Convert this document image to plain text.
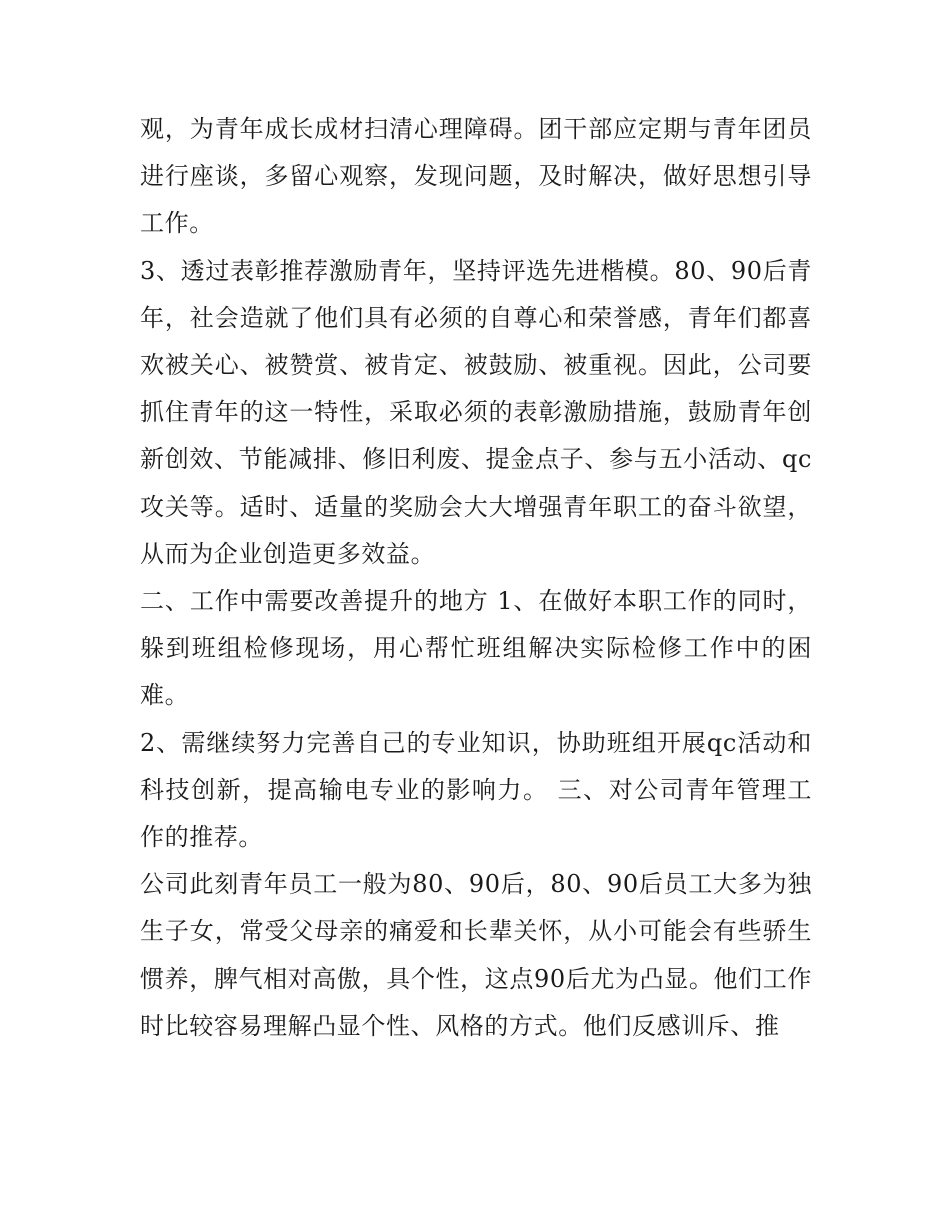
观，为青年成长成材扫清心理障碍。团干部应定期与青年团员进行座谈，多留心观察，发现问题，及时解决，做好思想引导工作。

3、透过表彰推荐激励青年，坚持评选先进楷模。80、90后青年，社会造就了他们具有必须的自尊心和荣誉感，青年们都喜欢被关心、被赞赏、被肯定、被鼓励、被重视。因此，公司要抓住青年的这一特性，采取必须的表彰激励措施，鼓励青年创新创效、节能减排、修旧利废、提金点子、参与五小活动、qc攻关等。适时、适量的奖励会大大增强青年职工的奋斗欲望，从而为企业创造更多效益。

二、工作中需要改善提升的地方 1、在做好本职工作的同时，躲到班组检修现场，用心帮忙班组解决实际检修工作中的困难。

2、需继续努力完善自己的专业知识，协助班组开展qc活动和科技创新，提高输电专业的影响力。 三、对公司青年管理工作的推荐。

公司此刻青年员工一般为80、90后，80、90后员工大多为独生子女，常受父母亲的痛爱和长辈关怀，从小可能会有些骄生惯养，脾气相对高傲，具个性，这点90后尤为凸显。他们工作时比较容易理解凸显个性、风格的方式。他们反感训斥、推
